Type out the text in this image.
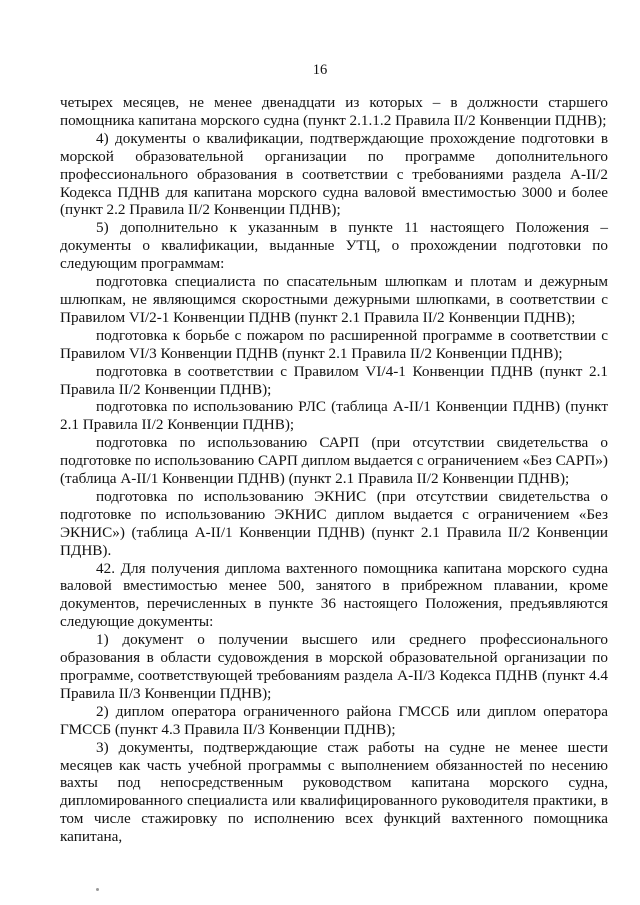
16

четырех месяцев, не менее двенадцати из которых – в должности старшего помощника капитана морского судна (пункт 2.1.1.2 Правила II/2 Конвенции ПДНВ);

4) документы о квалификации, подтверждающие прохождение подготовки в морской образовательной организации по программе дополнительного профессионального образования в соответствии с требованиями раздела A-II/2 Кодекса ПДНВ для капитана морского судна валовой вместимостью 3000 и более (пункт 2.2 Правила II/2 Конвенции ПДНВ);

5) дополнительно к указанным в пункте 11 настоящего Положения – документы о квалификации, выданные УТЦ, о прохождении подготовки по следующим программам:

подготовка специалиста по спасательным шлюпкам и плотам и дежурным шлюпкам, не являющимся скоростными дежурными шлюпками, в соответствии с Правилом VI/2-1 Конвенции ПДНВ (пункт 2.1 Правила II/2 Конвенции ПДНВ);

подготовка к борьбе с пожаром по расширенной программе в соответствии с Правилом VI/3 Конвенции ПДНВ (пункт 2.1 Правила II/2 Конвенции ПДНВ);

подготовка в соответствии с Правилом VI/4-1 Конвенции ПДНВ (пункт 2.1 Правила II/2 Конвенции ПДНВ);

подготовка по использованию РЛС (таблица A-II/1 Конвенции ПДНВ) (пункт 2.1 Правила II/2 Конвенции ПДНВ);

подготовка по использованию САРП (при отсутствии свидетельства о подготовке по использованию САРП диплом выдается с ограничением «Без САРП») (таблица A-II/1 Конвенции ПДНВ) (пункт 2.1 Правила II/2 Конвенции ПДНВ);

подготовка по использованию ЭКНИС (при отсутствии свидетельства о подготовке по использованию ЭКНИС диплом выдается с ограничением «Без ЭКНИС») (таблица A-II/1 Конвенции ПДНВ) (пункт 2.1 Правила II/2 Конвенции ПДНВ).

42. Для получения диплома вахтенного помощника капитана морского судна валовой вместимостью менее 500, занятого в прибрежном плавании, кроме документов, перечисленных в пункте 36 настоящего Положения, предъявляются следующие документы:

1) документ о получении высшего или среднего профессионального образования в области судовождения в морской образовательной организации по программе, соответствующей требованиям раздела A-II/3 Кодекса ПДНВ (пункт 4.4 Правила II/3 Конвенции ПДНВ);

2) диплом оператора ограниченного района ГМССБ или диплом оператора ГМССБ (пункт 4.3 Правила II/3 Конвенции ПДНВ);

3) документы, подтверждающие стаж работы на судне не менее шести месяцев как часть учебной программы с выполнением обязанностей по несению вахты под непосредственным руководством капитана морского судна, дипломированного специалиста или квалифицированного руководителя практики, в том числе стажировку по исполнению всех функций вахтенного помощника капитана,
